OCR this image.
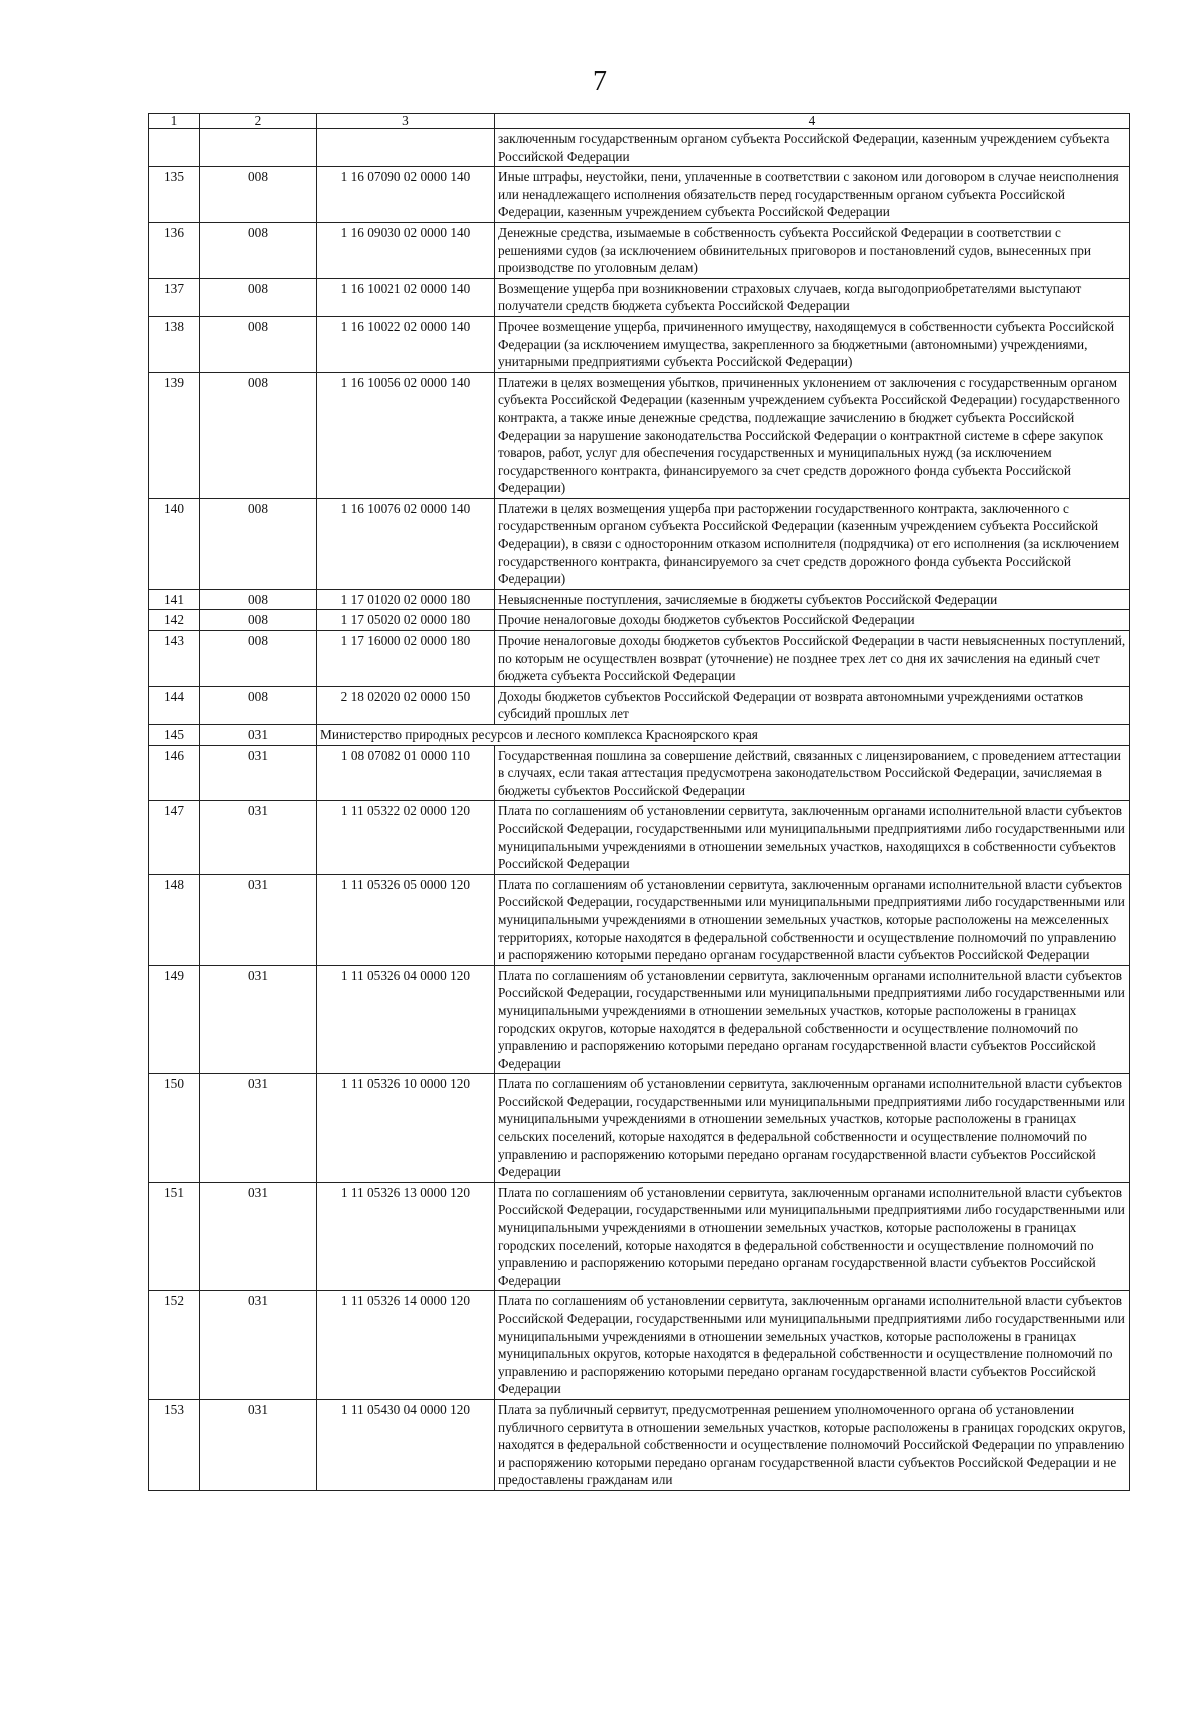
7
1	2	3	4
			заключенным государственным органом субъекта Российской Федерации, казенным учреждением субъекта Российской Федерации
135	008	1 16 07090 02 0000 140	Иные штрафы, неустойки, пени, уплаченные в соответствии с законом или договором в случае неисполнения или ненадлежащего исполнения обязательств перед государственным органом субъекта Российской Федерации, казенным учреждением субъекта Российской Федерации
136	008	1 16 09030 02 0000 140	Денежные средства, изымаемые в собственность субъекта Российской Федерации в соответствии с решениями судов (за исключением обвинительных приговоров и постановлений судов, вынесенных при производстве по уголовным делам)
137	008	1 16 10021 02 0000 140	Возмещение ущерба при возникновении страховых случаев, когда выгодоприобретателями выступают получатели средств бюджета субъекта Российской Федерации
138	008	1 16 10022 02 0000 140	Прочее возмещение ущерба, причиненного имуществу, находящемуся в собственности субъекта Российской Федерации (за исключением имущества, закрепленного за бюджетными (автономными) учреждениями, унитарными предприятиями субъекта Российской Федерации)
139	008	1 16 10056 02 0000 140	Платежи в целях возмещения убытков, причиненных уклонением от заключения с государственным органом субъекта Российской Федерации (казенным учреждением субъекта Российской Федерации) государственного контракта, а также иные денежные средства, подлежащие зачислению в бюджет субъекта Российской Федерации за нарушение законодательства Российской Федерации о контрактной системе в сфере закупок товаров, работ, услуг для обеспечения государственных и муниципальных нужд (за исключением государственного контракта, финансируемого за счет средств дорожного фонда субъекта Российской Федерации)
140	008	1 16 10076 02 0000 140	Платежи в целях возмещения ущерба при расторжении государственного контракта, заключенного с государственным органом субъекта Российской Федерации (казенным учреждением субъекта Российской Федерации), в связи с односторонним отказом исполнителя (подрядчика) от его исполнения (за исключением государственного контракта, финансируемого за счет средств дорожного фонда субъекта Российской Федерации)
141	008	1 17 01020 02 0000 180	Невыясненные поступления, зачисляемые в бюджеты субъектов Российской Федерации
142	008	1 17 05020 02 0000 180	Прочие неналоговые доходы бюджетов субъектов Российской Федерации
143	008	1 17 16000 02 0000 180	Прочие неналоговые доходы бюджетов субъектов Российской Федерации в части невыясненных поступлений, по которым не осуществлен возврат (уточнение) не позднее трех лет со дня их зачисления на единый счет бюджета субъекта Российской Федерации
144	008	2 18 02020 02 0000 150	Доходы бюджетов субъектов Российской Федерации от возврата автономными учреждениями остатков субсидий прошлых лет
145	031	Министерство природных ресурсов и лесного комплекса Красноярского края	
146	031	1 08 07082 01 0000 110	Государственная пошлина за совершение действий, связанных с лицензированием, с проведением аттестации в случаях, если такая аттестация предусмотрена законодательством Российской Федерации, зачисляемая в бюджеты субъектов Российской Федерации
147	031	1 11 05322 02 0000 120	Плата по соглашениям об установлении сервитута, заключенным органами исполнительной власти субъектов Российской Федерации, государственными или муниципальными предприятиями либо государственными или муниципальными учреждениями в отношении земельных участков, находящихся в собственности субъектов Российской Федерации
148	031	1 11 05326 05 0000 120	Плата по соглашениям об установлении сервитута, заключенным органами исполнительной власти субъектов Российской Федерации, государственными или муниципальными предприятиями либо государственными или муниципальными учреждениями в отношении земельных участков, которые расположены на межселенных территориях, которые находятся в федеральной собственности и осуществление полномочий по управлению и распоряжению которыми передано органам государственной власти субъектов Российской Федерации
149	031	1 11 05326 04 0000 120	Плата по соглашениям об установлении сервитута, заключенным органами исполнительной власти субъектов Российской Федерации, государственными или муниципальными предприятиями либо государственными или муниципальными учреждениями в отношении земельных участков, которые расположены в границах городских округов, которые находятся в федеральной собственности и осуществление полномочий по управлению и распоряжению которыми передано органам государственной власти субъектов Российской Федерации
150	031	1 11 05326 10 0000 120	Плата по соглашениям об установлении сервитута, заключенным органами исполнительной власти субъектов Российской Федерации, государственными или муниципальными предприятиями либо государственными или муниципальными учреждениями в отношении земельных участков, которые расположены в границах сельских поселений, которые находятся в федеральной собственности и осуществление полномочий по управлению и распоряжению которыми передано органам государственной власти субъектов Российской Федерации
151	031	1 11 05326 13 0000 120	Плата по соглашениям об установлении сервитута, заключенным органами исполнительной власти субъектов Российской Федерации, государственными или муниципальными предприятиями либо государственными или муниципальными учреждениями в отношении земельных участков, которые расположены в границах городских поселений, которые находятся в федеральной собственности и осуществление полномочий по управлению и распоряжению которыми передано органам государственной власти субъектов Российской Федерации
152	031	1 11 05326 14 0000 120	Плата по соглашениям об установлении сервитута, заключенным органами исполнительной власти субъектов Российской Федерации, государственными или муниципальными предприятиями либо государственными или муниципальными учреждениями в отношении земельных участков, которые расположены в границах муниципальных округов, которые находятся в федеральной собственности и осуществление полномочий по управлению и распоряжению которыми передано органам государственной власти субъектов Российской Федерации
153	031	1 11 05430 04 0000 120	Плата за публичный сервитут, предусмотренная решением уполномоченного органа об установлении публичного сервитута в отношении земельных участков, которые расположены в границах городских округов, находятся в федеральной собственности и осуществление полномочий Российской Федерации по управлению и распоряжению которыми передано органам государственной власти субъектов Российской Федерации и не предоставлены гражданам или
